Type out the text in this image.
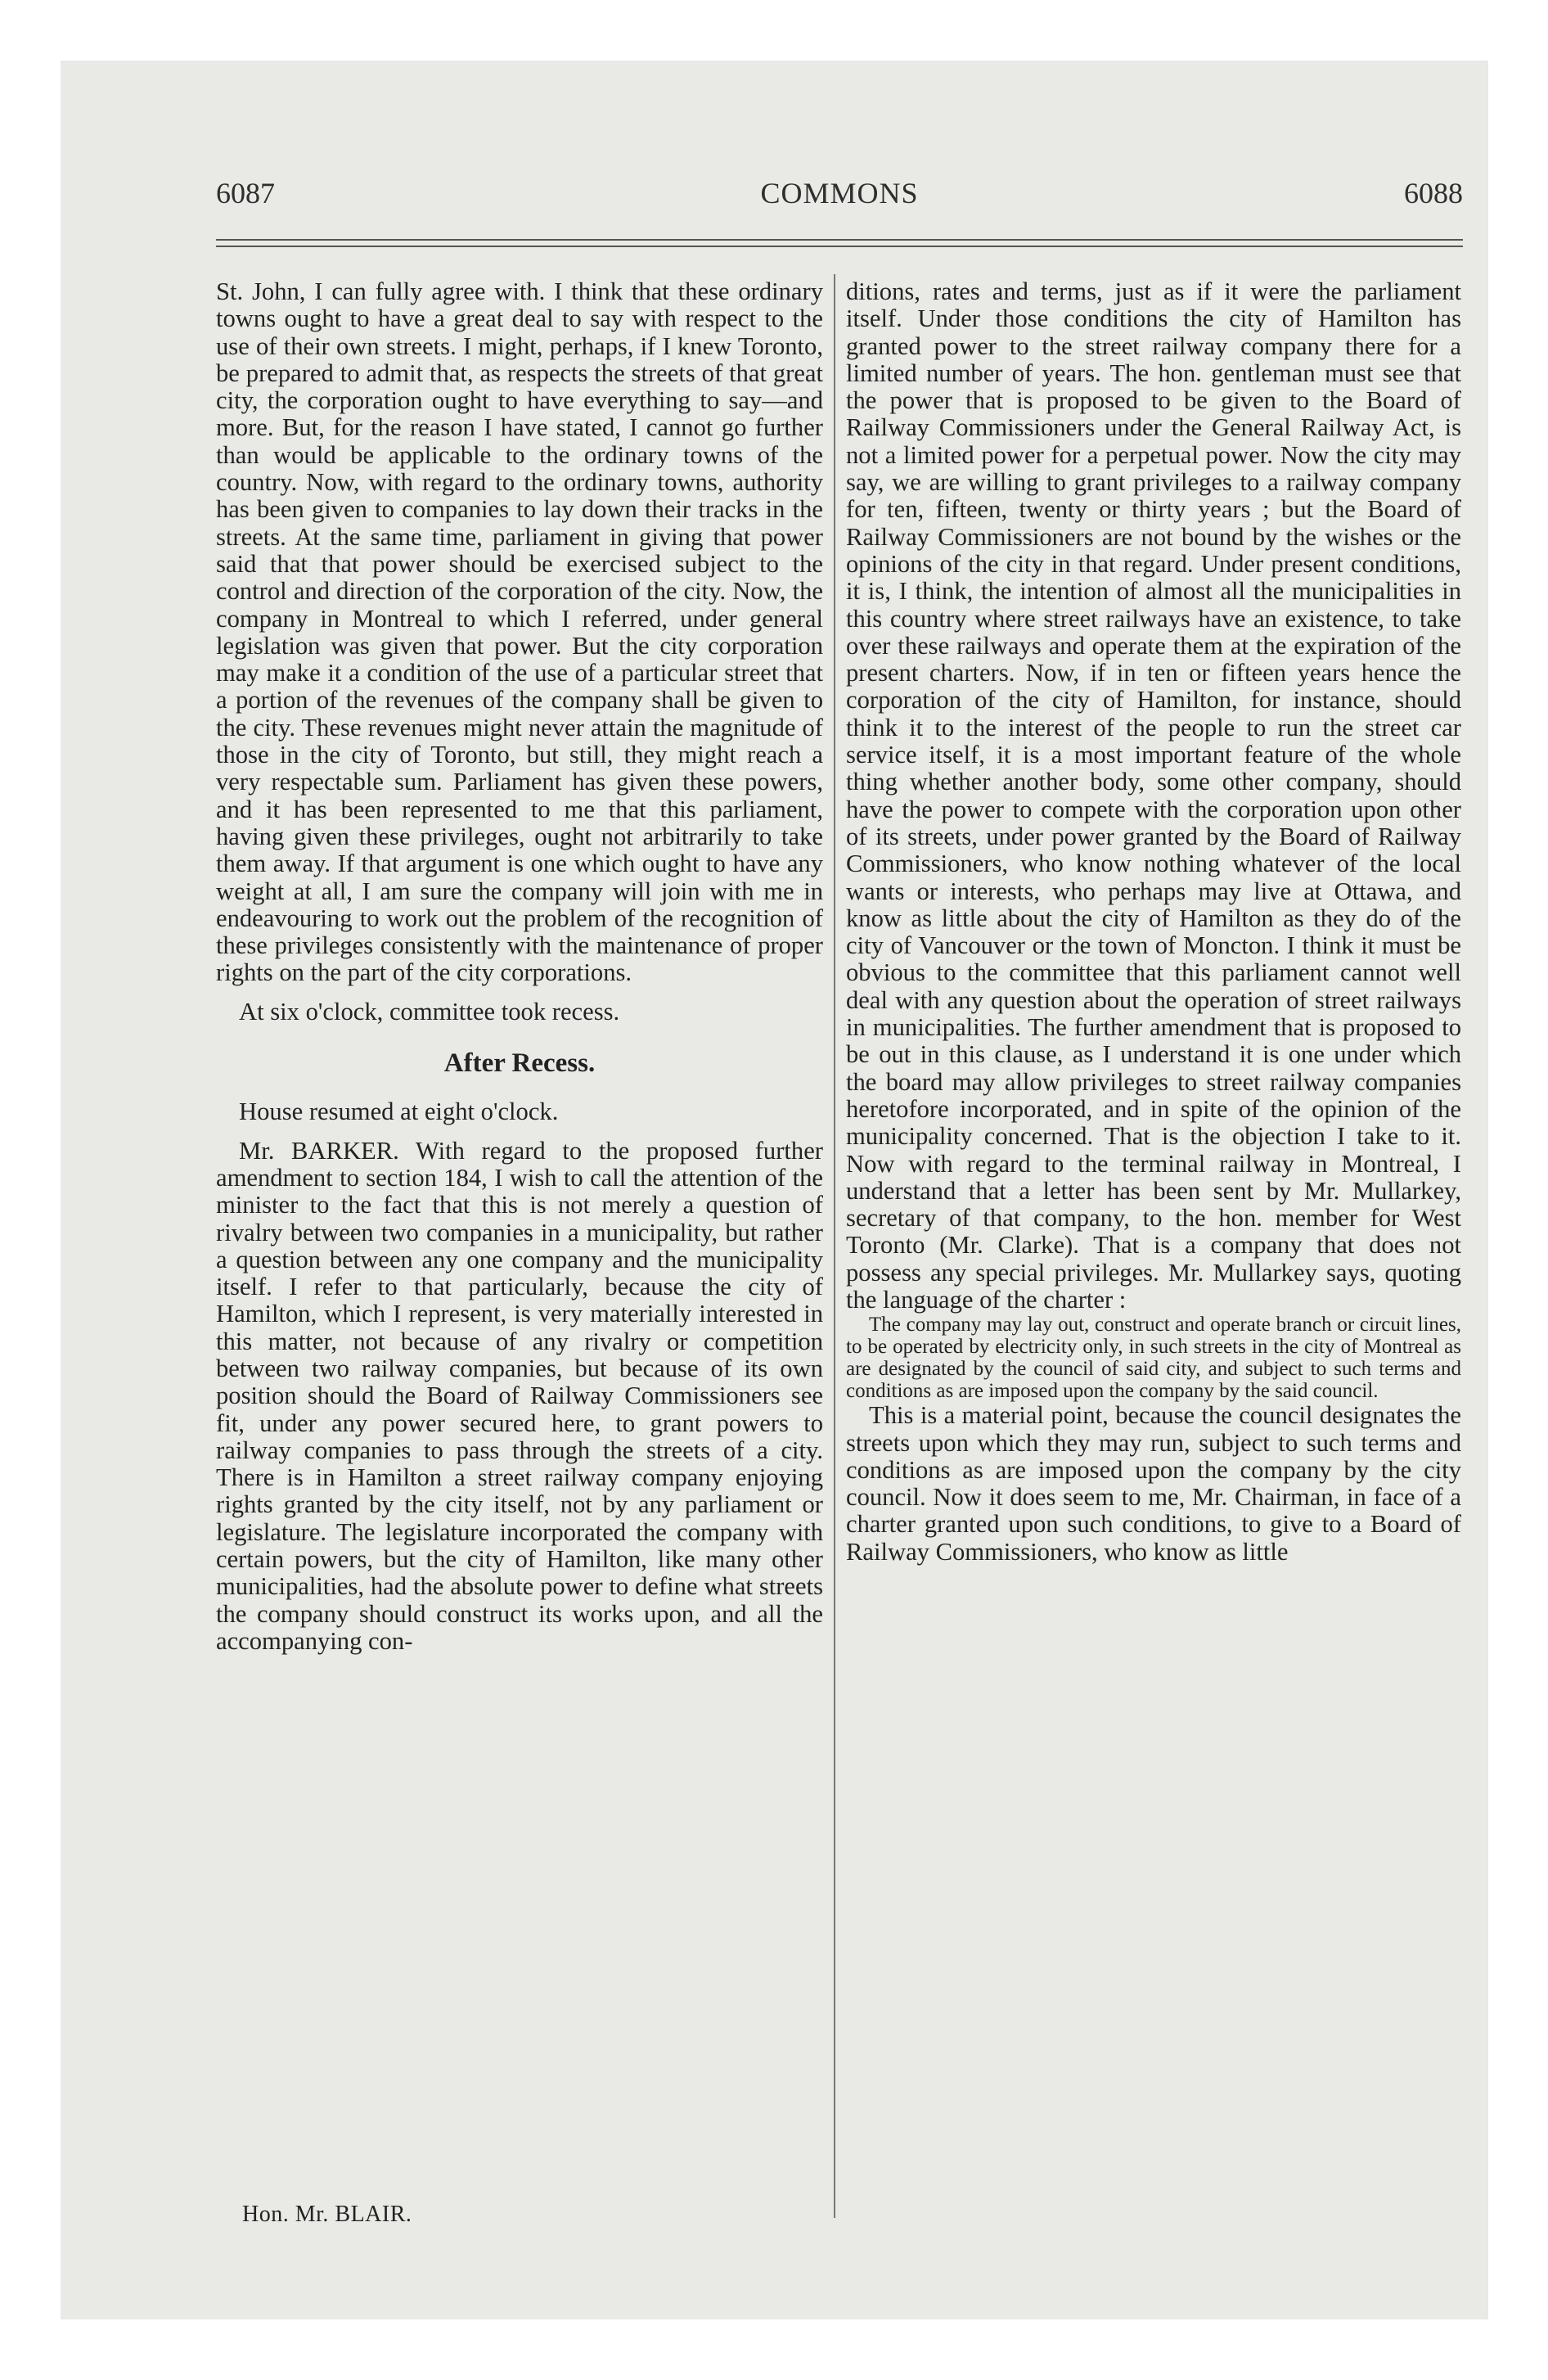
6087	COMMONS	6088

St. John, I can fully agree with. I think that these ordinary towns ought to have a great deal to say with respect to the use of their own streets. I might, perhaps, if I knew Toronto, be prepared to admit that, as respects the streets of that great city, the corporation ought to have everything to say—and more. But, for the reason I have stated, I cannot go further than would be applicable to the ordinary towns of the country. Now, with regard to the ordinary towns, authority has been given to companies to lay down their tracks in the streets. At the same time, parliament in giving that power said that that power should be exercised subject to the control and direction of the corporation of the city. Now, the company in Montreal to which I referred, under general legislation was given that power. But the city corporation may make it a condition of the use of a particular street that a portion of the revenues of the company shall be given to the city. These revenues might never attain the magnitude of those in the city of Toronto, but still, they might reach a very respectable sum. Parliament has given these powers, and it has been represented to me that this parliament, having given these privileges, ought not arbitrarily to take them away. If that argument is one which ought to have any weight at all, I am sure the company will join with me in endeavouring to work out the problem of the recognition of these privileges consistently with the maintenance of proper rights on the part of the city corporations.

At six o'clock, committee took recess.

After Recess.

House resumed at eight o'clock.

Mr. BARKER. With regard to the proposed further amendment to section 184, I wish to call the attention of the minister to the fact that this is not merely a question of rivalry between two companies in a municipality, but rather a question between any one company and the municipality itself. I refer to that particularly, because the city of Hamilton, which I represent, is very materially interested in this matter, not because of any rivalry or competition between two railway companies, but because of its own position should the Board of Railway Commissioners see fit, under any power secured here, to grant powers to railway companies to pass through the streets of a city. There is in Hamilton a street railway company enjoying rights granted by the city itself, not by any parliament or legislature. The legislature incorporated the company with certain powers, but the city of Hamilton, like many other municipalities, had the absolute power to define what streets the company should construct its works upon, and all the accompanying con-

ditions, rates and terms, just as if it were the parliament itself. Under those conditions the city of Hamilton has granted power to the street railway company there for a limited number of years. The hon. gentleman must see that the power that is proposed to be given to the Board of Railway Commissioners under the General Railway Act, is not a limited power for a perpetual power. Now the city may say, we are willing to grant privileges to a railway company for ten, fifteen, twenty or thirty years ; but the Board of Railway Commissioners are not bound by the wishes or the opinions of the city in that regard. Under present conditions, it is, I think, the intention of almost all the municipalities in this country where street railways have an existence, to take over these railways and operate them at the expiration of the present charters. Now, if in ten or fifteen years hence the corporation of the city of Hamilton, for instance, should think it to the interest of the people to run the street car service itself, it is a most important feature of the whole thing whether another body, some other company, should have the power to compete with the corporation upon other of its streets, under power granted by the Board of Railway Commissioners, who know nothing whatever of the local wants or interests, who perhaps may live at Ottawa, and know as little about the city of Hamilton as they do of the city of Vancouver or the town of Moncton. I think it must be obvious to the committee that this parliament cannot well deal with any question about the operation of street railways in municipalities. The further amendment that is proposed to be out in this clause, as I understand it is one under which the board may allow privileges to street railway companies heretofore incorporated, and in spite of the opinion of the municipality concerned. That is the objection I take to it. Now with regard to the terminal railway in Montreal, I understand that a letter has been sent by Mr. Mullarkey, secretary of that company, to the hon. member for West Toronto (Mr. Clarke). That is a company that does not possess any special privileges. Mr. Mullarkey says, quoting the language of the charter :

The company may lay out, construct and operate branch or circuit lines, to be operated by electricity only, in such streets in the city of Montreal as are designated by the council of said city, and subject to such terms and conditions as are imposed upon the company by the said council.

This is a material point, because the council designates the streets upon which they may run, subject to such terms and conditions as are imposed upon the company by the city council. Now it does seem to me, Mr. Chairman, in face of a charter granted upon such conditions, to give to a Board of Railway Commissioners, who know as little

Hon. Mr. BLAIR.
